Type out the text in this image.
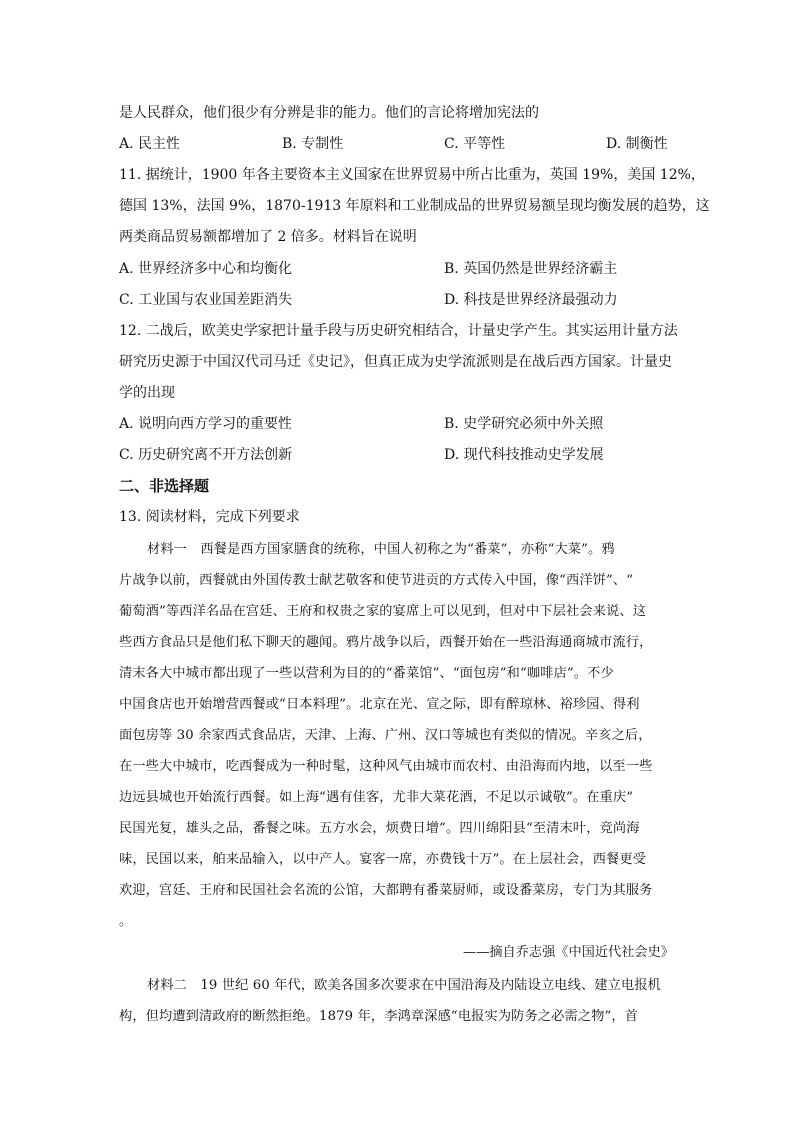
是人民群众，他们很少有分辨是非的能力。他们的言论将增加宪法的
A. 民主性	B. 专制性	C. 平等性	D. 制衡性
11. 据统计，1900 年各主要资本主义国家在世界贸易中所占比重为，英国 19%，美国 12%，
德国 13%，法国 9%，1870-1913 年原料和工业制成品的世界贸易额呈现均衡发展的趋势，这
两类商品贸易额都增加了 2 倍多。材料旨在说明
A. 世界经济多中心和均衡化	B. 英国仍然是世界经济霸主
C. 工业国与农业国差距消失	D. 科技是世界经济最强动力
12. 二战后，欧美史学家把计量手段与历史研究相结合，计量史学产生。其实运用计量方法
研究历史源于中国汉代司马迁《史记》，但真正成为史学流派则是在战后西方国家。计量史
学的出现
A. 说明向西方学习的重要性	B. 史学研究必须中外关照
C. 历史研究离不开方法创新	D. 现代科技推动史学发展
二、非选择题
13. 阅读材料，完成下列要求
材料一　西餐是西方国家膳食的统称，中国人初称之为“番菜”，亦称“大菜”。鸦
片战争以前，西餐就由外国传教士献艺敬客和使节进贡的方式传入中国，像“西洋饼”、“
葡萄酒”等西洋名品在宫廷、王府和权贵之家的宴席上可以见到，但对中下层社会来说、这
些西方食品只是他们私下聊天的趣闻。鸦片战争以后，西餐开始在一些沿海通商城市流行，
清末各大中城市都出现了一些以营利为目的的“番菜馆”、“面包房”和“咖啡店”。不少
中国食店也开始增营西餐或“日本料理”。北京在光、宣之际，即有醉琼林、裕珍园、得利
面包房等 30 余家西式食品店，天津、上海、广州、汉口等城也有类似的情况。辛亥之后，
在一些大中城市，吃西餐成为一种时髦，这种风气由城市而农村、由沿海而内地，以至一些
边远县城也开始流行西餐。如上海“遇有佳客，尤非大菜花酒，不足以示诚敬”。在重庆“
民国光复，雄头之品，番餐之味。五方水会，烦费日增”。四川绵阳县“至清末叶，竞尚海
味，民国以来，舶来品输入，以中产人。宴客一席，亦费钱十万”。在上层社会，西餐更受
欢迎，宫廷、王府和民国社会名流的公馆，大都聘有番菜厨师，或设番菜房，专门为其服务
。
——摘自乔志强《中国近代社会史》
材料二　19 世纪 60 年代，欧美各国多次要求在中国沿海及内陆设立电线、建立电报机
构，但均遭到清政府的断然拒绝。1879 年，李鸿章深感“电报实为防务之必需之物”，首
